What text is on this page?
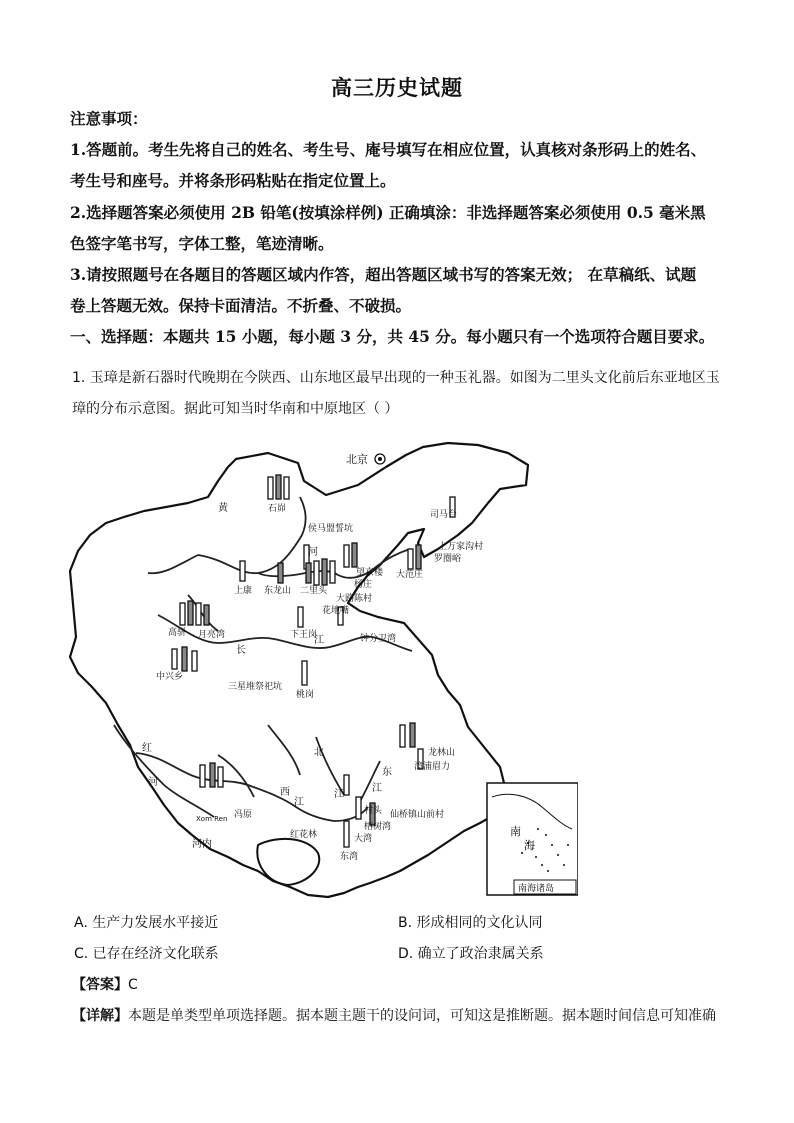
高三历史试题
注意事项：
1.答题前。考生先将自己的姓名、考生号、庵号填写在相应位置，认真核对条形码上的姓名、
考生号和座号。并将条形码粘贴在指定位置上。
2.选择题答案必须使用 2B 铅笔(按填涂样例) 正确填涂：非选择题答案必须使用 0.5 毫米黑
色签字笔书写，字体工整，笔迹清晰。
3.请按照题号在各题目的答题区域内作答，超出答题区域书写的答案无效； 在草稿纸、试题
卷上答题无效。保持卡面清洁。不折叠、不破损。
一、选择题：本题共 15 小题，每小题 3 分，共 45 分。每小题只有一个选项符合题目要求。
1. 玉璋是新石器时代晚期在今陕西、山东地区最早出现的一种玉礼器。如图为二里头文化前后东亚地区玉
璋的分布示意图。据此可知当时华南和中原地区（ ）
北京
石峁
黄
河
侯马盟誓坑
望京楼
杨庄
大路陈村
花地嘴
上康 东龙山 二里头
下王岗
司马台
上万家沟村
罗圈峪
大范庄
江	钟分卫湾
长
高骈 月亮湾
中兴乡
三星堆祭祀坑
桃岗
红
河
北
东
江
江
西
江
龙林山
漳浦眉力
村头 仙桥镇山前村
榕树湾
红花林	大湾
东湾
Xom Ren 冯原
河内
南
海
南海诸岛
A. 生产力发展水平接近	B. 形成相同的文化认同
C. 已存在经济文化联系	D. 确立了政治隶属关系
【答案】C
【详解】本题是单类型单项选择题。据本题主题干的设问词，可知这是推断题。据本题时间信息可知准确
